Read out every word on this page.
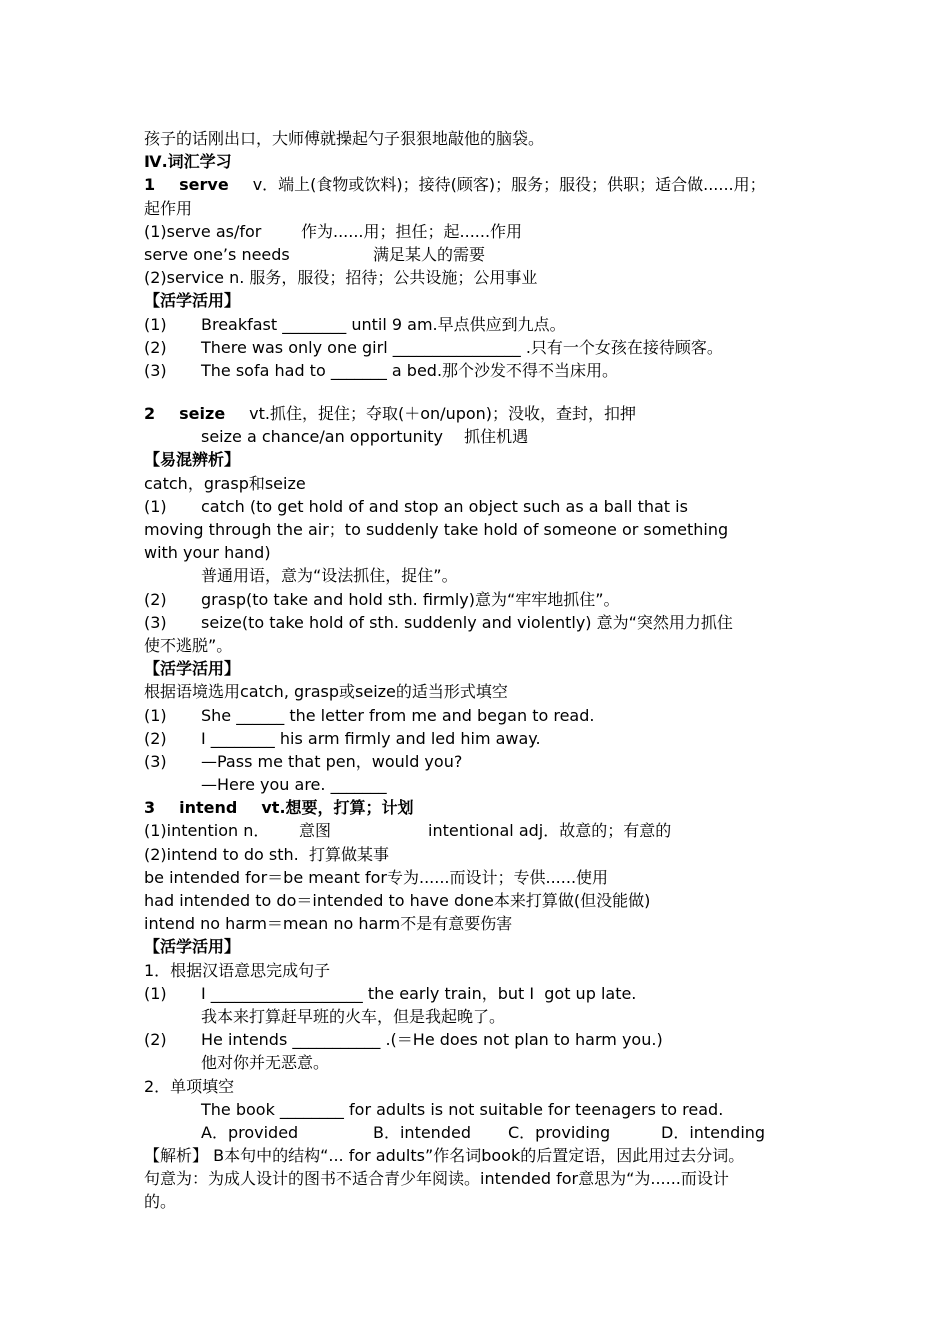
孩子的话刚出口，大师傅就操起勺子狠狠地敲他的脑袋。
Ⅳ.词汇学习
1 serve v．端上(食物或饮料)；接待(顾客)；服务；服役；供职；适合做......用；
起作用
(1)serve as/for 作为......用；担任；起......作用
serve one’s needs	满足某人的需要
(2)service n. 服务，服役；招待；公共设施；公用事业
【活学活用】
(1) Breakfast ________ until 9 am.早点供应到九点。
(2) There was only one girl ________________ .只有一个女孩在接待顾客。
(3) The sofa had to _______ a bed.那个沙发不得不当床用。
2 seize vt.抓住，捉住；夺取(＋on/upon)；没收，查封，扣押
seize a chance/an opportunity　 抓住机遇
【易混辨析】
catch，grasp和seize
(1) catch (to get hold of and stop an object such as a ball that is
moving through the air；to suddenly take hold of someone or something
with your hand)
普通用语，意为“设法抓住，捉住”。
(2) grasp(to take and hold sth. firmly)意为“牢牢地抓住”。
(3) seize(to take hold of sth. suddenly and violently) 意为“突然用力抓住
使不逃脱”。
【活学活用】
根据语境选用catch, grasp或seize的适当形式填空
(1) She ______ the letter from me and began to read.
(2) I ________ his arm firmly and led him away.
(3) —Pass me that pen，would you?
—Here you are. _______
3 intend vt.想要，打算；计划
(1)intention n． 意图	intentional adj．故意的；有意的
(2)intend to do sth.  打算做某事
be intended for＝be meant for专为......而设计；专供......使用
had intended to do＝intended to have done本来打算做(但没能做)
intend no harm＝mean no harm不是有意要伤害
【活学活用】
1．根据汉语意思完成句子
(1) I ___________________ the early train，but I  got up late.
我本来打算赶早班的火车，但是我起晚了。
(2) He intends ___________ .(＝He does not plan to harm you.)
他对你并无恶意。
2．单项填空
The book ________ for adults is not suitable for teenagers to read.
A．provided	B．intended C．providing	D．intending
【解析】 B本句中的结构“... for adults”作名词book的后置定语，因此用过去分词。
句意为：为成人设计的图书不适合青少年阅读。intended for意思为“为......而设计
的。
